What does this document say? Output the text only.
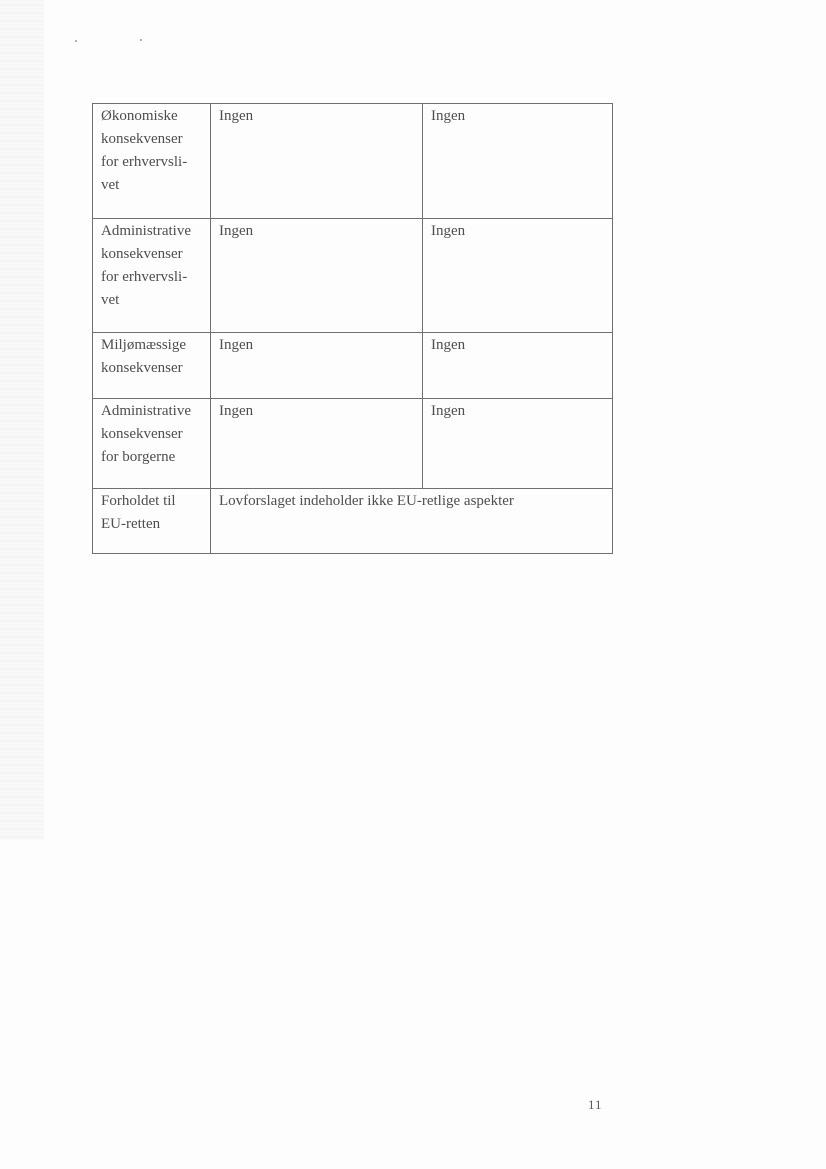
Økonomiske
konsekvenser
for erhvervsli-
vet	Ingen	Ingen
Administrative
konsekvenser
for erhvervsli-
vet	Ingen	Ingen
Miljømæssige
konsekvenser	Ingen	Ingen
Administrative
konsekvenser
for borgerne	Ingen	Ingen
Forholdet til
EU-retten	Lovforslaget indeholder ikke EU-retlige aspekter	
11
